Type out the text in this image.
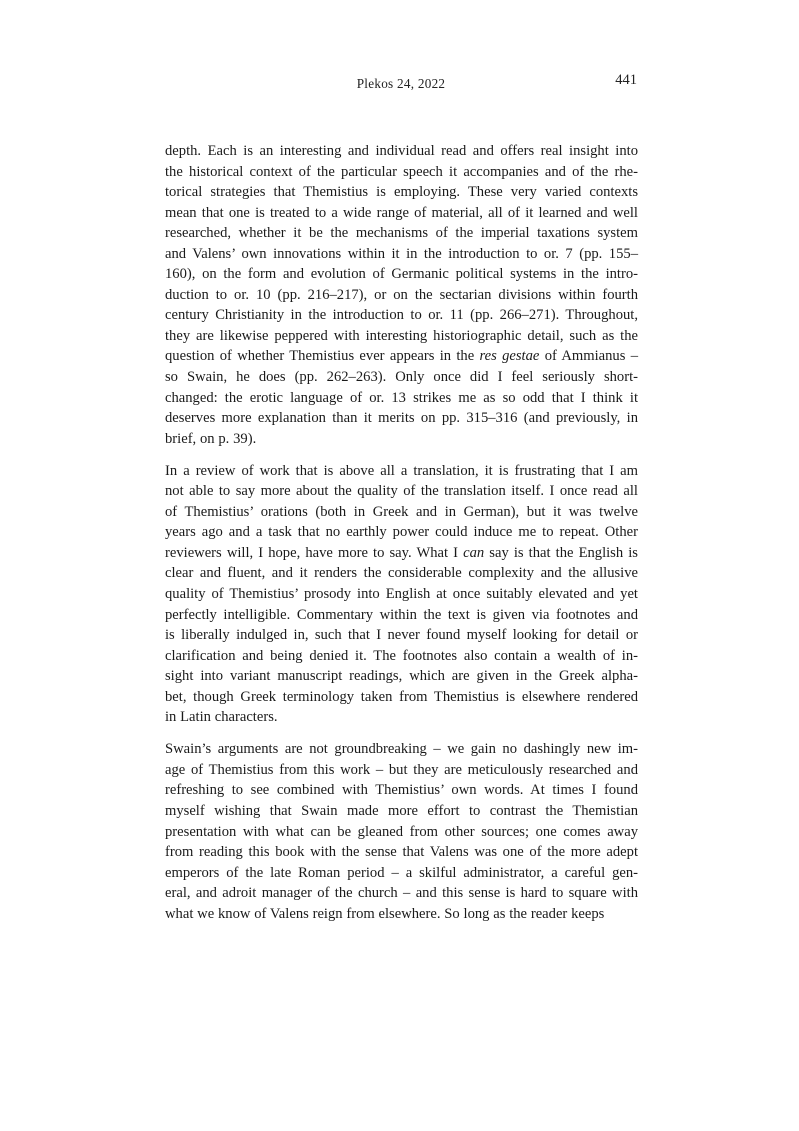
Plekos 24, 2022	441

depth. Each is an interesting and individual read and offers real insight into
the historical context of the particular speech it accompanies and of the rhe-
torical strategies that Themistius is employing. These very varied contexts
mean that one is treated to a wide range of material, all of it learned and well
researched, whether it be the mechanisms of the imperial taxations system
and Valens’ own innovations within it in the introduction to or. 7 (pp. 155–
160), on the form and evolution of Germanic political systems in the intro-
duction to or. 10 (pp. 216–217), or on the sectarian divisions within fourth
century Christianity in the introduction to or. 11 (pp. 266–271). Throughout,
they are likewise peppered with interesting historiographic detail, such as the
question of whether Themistius ever appears in the res gestae of Ammianus –
so Swain, he does (pp. 262–263). Only once did I feel seriously short-
changed: the erotic language of or. 13 strikes me as so odd that I think it
deserves more explanation than it merits on pp. 315–316 (and previously, in
brief, on p. 39).

In a review of work that is above all a translation, it is frustrating that I am
not able to say more about the quality of the translation itself. I once read all
of Themistius’ orations (both in Greek and in German), but it was twelve
years ago and a task that no earthly power could induce me to repeat. Other
reviewers will, I hope, have more to say. What I can say is that the English is
clear and fluent, and it renders the considerable complexity and the allusive
quality of Themistius’ prosody into English at once suitably elevated and yet
perfectly intelligible. Commentary within the text is given via footnotes and
is liberally indulged in, such that I never found myself looking for detail or
clarification and being denied it. The footnotes also contain a wealth of in-
sight into variant manuscript readings, which are given in the Greek alpha-
bet, though Greek terminology taken from Themistius is elsewhere rendered
in Latin characters.

Swain’s arguments are not groundbreaking – we gain no dashingly new im-
age of Themistius from this work – but they are meticulously researched and
refreshing to see combined with Themistius’ own words. At times I found
myself wishing that Swain made more effort to contrast the Themistian
presentation with what can be gleaned from other sources; one comes away
from reading this book with the sense that Valens was one of the more adept
emperors of the late Roman period – a skilful administrator, a careful gen-
eral, and adroit manager of the church – and this sense is hard to square with
what we know of Valens reign from elsewhere. So long as the reader keeps
